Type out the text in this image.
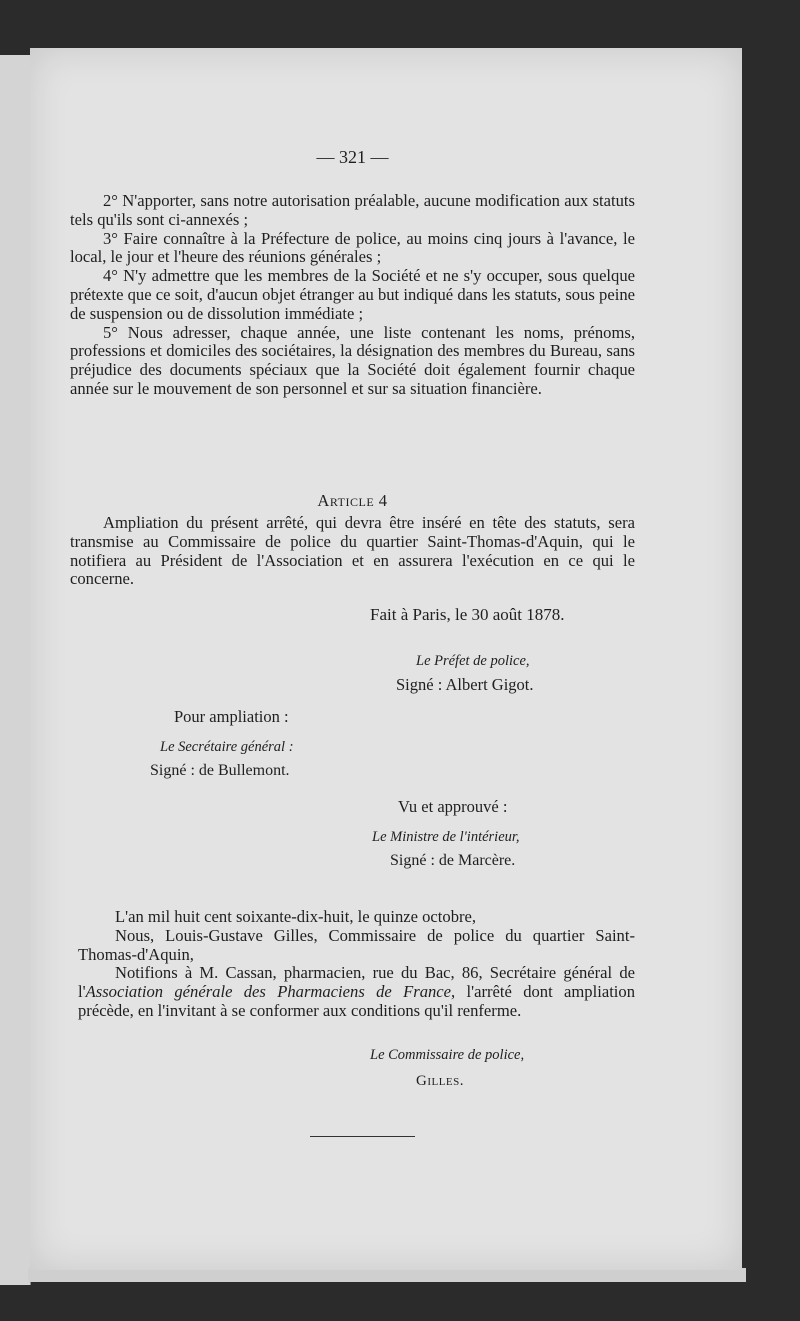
— 321 —

2° N'apporter, sans notre autorisation préalable, aucune modification aux statuts tels qu'ils sont ci-annexés ;

3° Faire connaître à la Préfecture de police, au moins cinq jours à l'avance, le local, le jour et l'heure des réunions générales ;

4° N'y admettre que les membres de la Société et ne s'y occuper, sous quelque prétexte que ce soit, d'aucun objet étranger au but indiqué dans les statuts, sous peine de suspension ou de dissolution immédiate ;

5° Nous adresser, chaque année, une liste contenant les noms, prénoms, professions et domiciles des sociétaires, la désignation des membres du Bureau, sans préjudice des documents spéciaux que la Société doit également fournir chaque année sur le mouvement de son personnel et sur sa situation financière.

Article 4

Ampliation du présent arrêté, qui devra être inséré en tête des statuts, sera transmise au Commissaire de police du quartier Saint-Thomas-d'Aquin, qui le notifiera au Président de l'Association et en assurera l'exécution en ce qui le concerne.

Fait à Paris, le 30 août 1878.
Le Préfet de police,
Signé : Albert Gigot.
Pour ampliation :
Le Secrétaire général :
Signé : de Bullemont.
Vu et approuvé :
Le Ministre de l'intérieur,
Signé : de Marcère.

L'an mil huit cent soixante-dix-huit, le quinze octobre,

Nous, Louis-Gustave Gilles, Commissaire de police du quartier Saint-Thomas-d'Aquin,

Notifions à M. Cassan, pharmacien, rue du Bac, 86, Secrétaire général de l'Association générale des Pharmaciens de France, l'arrêté dont ampliation précède, en l'invitant à se conformer aux conditions qu'il renferme.

Le Commissaire de police,
Gilles.
